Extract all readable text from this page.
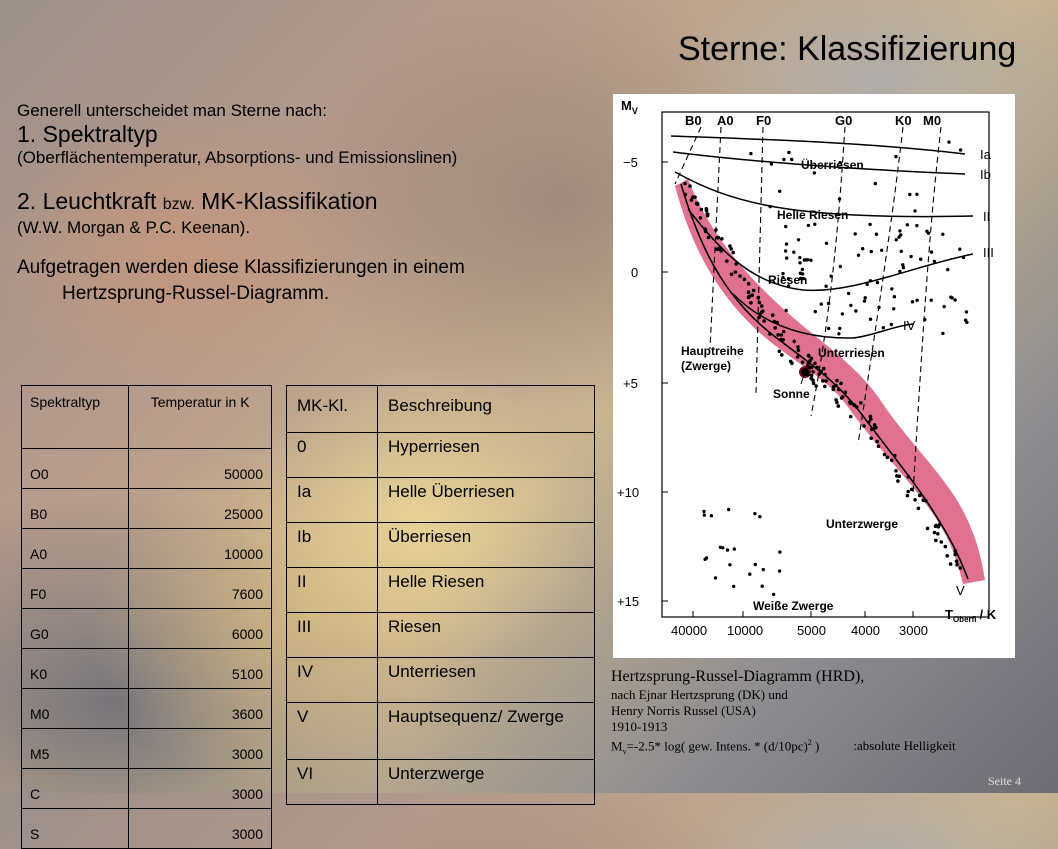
Sterne: Klassifizierung
Generell unterscheidet man Sterne nach:
1. Spektraltyp
(Oberflächentemperatur, Absorptions- und Emissionslinen)
2. Leuchtkraft bzw. MK-Klassifikation
(W.W. Morgan & P.C. Keenan).
Aufgetragen werden diese Klassifizierungen in einem
Hertzsprung-Russel-Diagramm.
Spektraltyp	Temperatur in K
O0	50000
B0	25000
A0	10000
F0	7600
G0	6000
K0	5100
M0	3600
M5	3000
C	3000
S	3000
MK-Kl.	Beschreibung
0	Hyperriesen
Ia	Helle Überriesen
Ib	Überriesen
II	Helle Riesen
III	Riesen
IV	Unterriesen
V	Hauptsequenz/ Zwerge
VI	Unterzwerge
$M_V$
−5
0
+5
+10
+15
B0 A0 F0	G0	K0 M0
40000 10000	5000 4000 3000
$T_{Oberfl}$ / K
Ia
Ib
II
III
IV
V
Überriesen
Helle Riesen
Riesen
Unterriesen
Hauptreihe
(Zwerge)
Sonne
Unterzwerge
Weiße Zwerge
Hertzsprung-Russel-Diagramm (HRD),
nach Ejnar Hertzsprung (DK) und
Henry Norris Russel (USA)
1910-1913
$M_v=-2.5*$ log( gew. Intens. * $(d/10pc)^2$ )	:absolute Helligkeit
Seite 4
